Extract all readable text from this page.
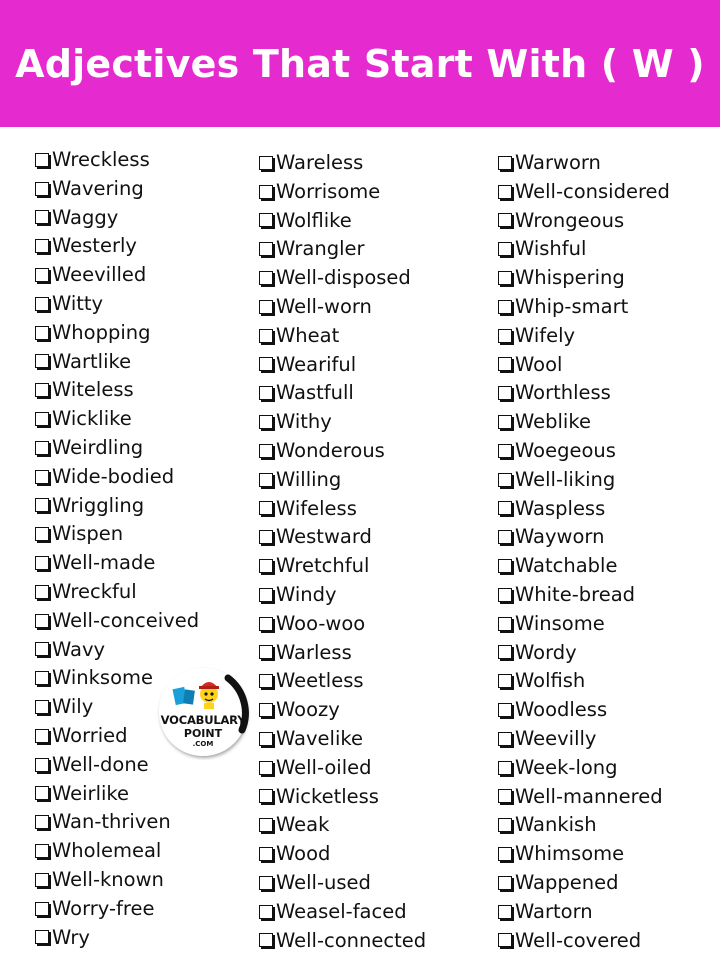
Adjectives That Start With ( W )
Wreckless
Wavering
Waggy
Westerly
Weevilled
Witty
Whopping
Wartlike
Witeless
Wicklike
Weirdling
Wide-bodied
Wriggling
Wispen
Well-made
Wreckful
Well-conceived
Wavy
Winksome
Wily
Worried
Well-done
Weirlike
Wan-thriven
Wholemeal
Well-known
Worry-free
Wry
Wareless
Worrisome
Wolflike
Wrangler
Well-disposed
Well-worn
Wheat
Weariful
Wastfull
Withy
Wonderous
Willing
Wifeless
Westward
Wretchful
Windy
Woo-woo
Warless
Weetless
Woozy
Wavelike
Well-oiled
Wicketless
Weak
Wood
Well-used
Weasel-faced
Well-connected
Warworn
Well-considered
Wrongeous
Wishful
Whispering
Whip-smart
Wifely
Wool
Worthless
Weblike
Woegeous
Well-liking
Waspless
Wayworn
Watchable
White-bread
Winsome
Wordy
Wolfish
Woodless
Weevilly
Week-long
Well-mannered
Wankish
Whimsome
Wappened
Wartorn
Well-covered
VOCABULARY
POINT
.COM
